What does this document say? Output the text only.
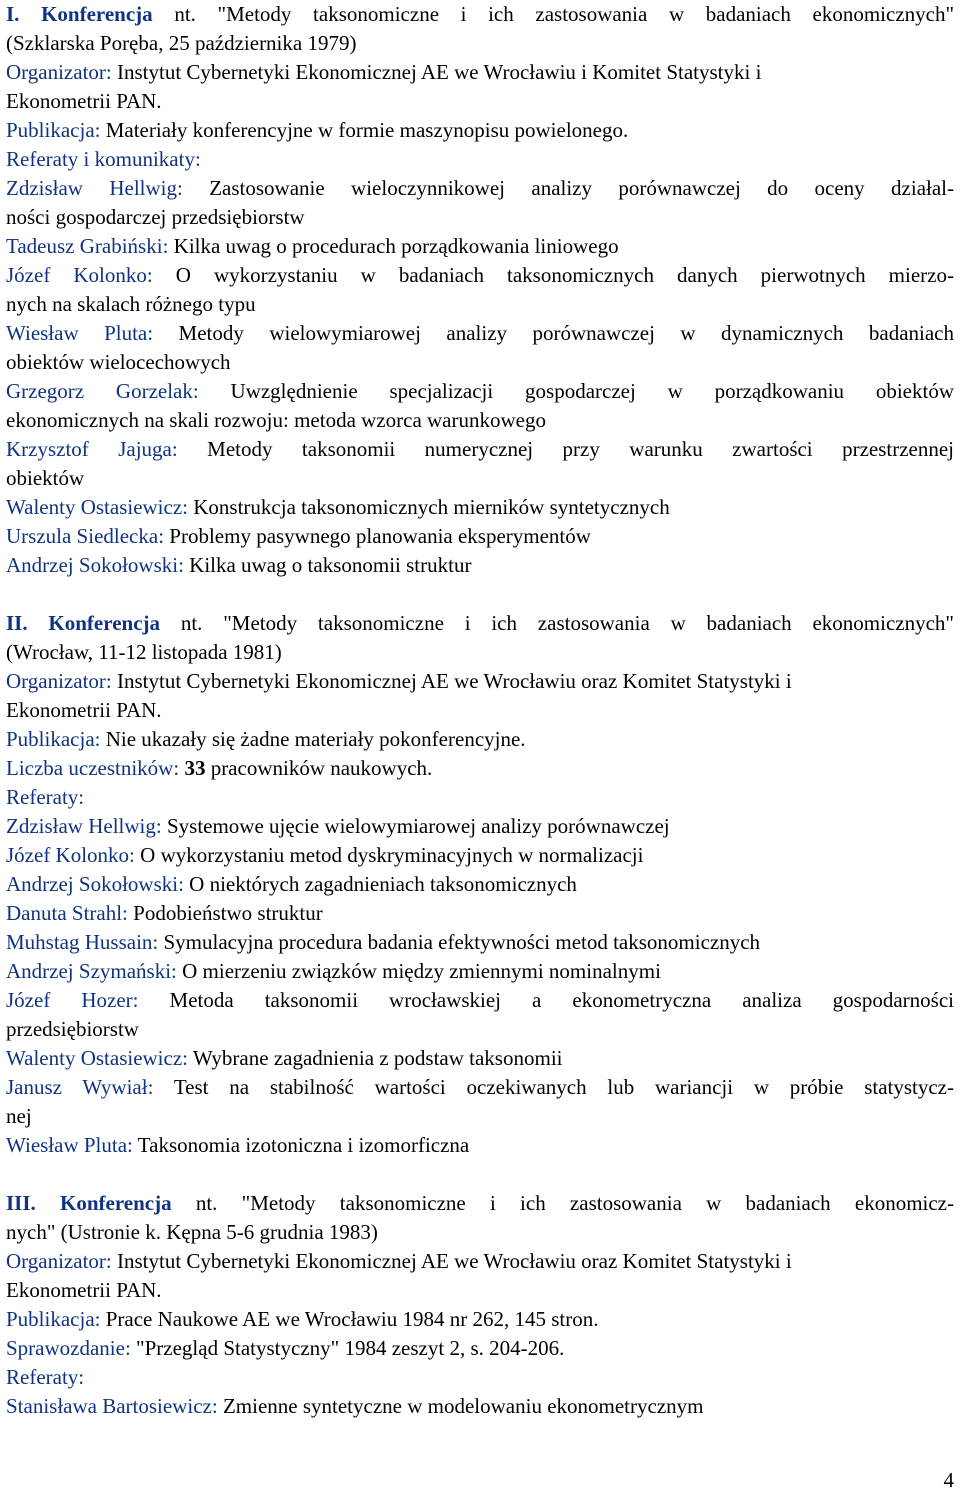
I. Konferencja nt. "Metody taksonomiczne i ich zastosowania w badaniach ekonomicznych"
(Szklarska Poręba, 25 października 1979)
Organizator: Instytut Cybernetyki Ekonomicznej AE we Wrocławiu i Komitet Statystyki i
Ekonometrii PAN.
Publikacja: Materiały konferencyjne w formie maszynopisu powielonego.
Referaty i komunikaty:
Zdzisław Hellwig: Zastosowanie wieloczynnikowej analizy porównawczej do oceny działal-
ności gospodarczej przedsiębiorstw
Tadeusz Grabiński: Kilka uwag o procedurach porządkowania liniowego
Józef Kolonko: O wykorzystaniu w badaniach taksonomicznych danych pierwotnych mierzo-
nych na skalach różnego typu
Wiesław Pluta: Metody wielowymiarowej analizy porównawczej w dynamicznych badaniach
obiektów wielocechowych
Grzegorz Gorzelak: Uwzględnienie specjalizacji gospodarczej w porządkowaniu obiektów
ekonomicznych na skali rozwoju: metoda wzorca warunkowego
Krzysztof Jajuga: Metody taksonomii numerycznej przy warunku zwartości przestrzennej
obiektów
Walenty Ostasiewicz: Konstrukcja taksonomicznych mierników syntetycznych
Urszula Siedlecka: Problemy pasywnego planowania eksperymentów
Andrzej Sokołowski: Kilka uwag o taksonomii struktur
II. Konferencja nt. "Metody taksonomiczne i ich zastosowania w badaniach ekonomicznych"
(Wrocław, 11-12 listopada 1981)
Organizator: Instytut Cybernetyki Ekonomicznej AE we Wrocławiu oraz Komitet Statystyki i
Ekonometrii PAN.
Publikacja: Nie ukazały się żadne materiały pokonferencyjne.
Liczba uczestników: 33 pracowników naukowych.
Referaty:
Zdzisław Hellwig: Systemowe ujęcie wielowymiarowej analizy porównawczej
Józef Kolonko: O wykorzystaniu metod dyskryminacyjnych w normalizacji
Andrzej Sokołowski: O niektórych zagadnieniach taksonomicznych
Danuta Strahl: Podobieństwo struktur
Muhstag Hussain: Symulacyjna procedura badania efektywności metod taksonomicznych
Andrzej Szymański: O mierzeniu związków między zmiennymi nominalnymi
Józef Hozer: Metoda taksonomii wrocławskiej a ekonometryczna analiza gospodarności
przedsiębiorstw
Walenty Ostasiewicz: Wybrane zagadnienia z podstaw taksonomii
Janusz Wywiał: Test na stabilność wartości oczekiwanych lub wariancji w próbie statystycz-
nej
Wiesław Pluta: Taksonomia izotoniczna i izomorficzna
III. Konferencja nt. "Metody taksonomiczne i ich zastosowania w badaniach ekonomicz-
nych" (Ustronie k. Kępna 5-6 grudnia 1983)
Organizator: Instytut Cybernetyki Ekonomicznej AE we Wrocławiu oraz Komitet Statystyki i
Ekonometrii PAN.
Publikacja: Prace Naukowe AE we Wrocławiu 1984 nr 262, 145 stron.
Sprawozdanie: "Przegląd Statystyczny" 1984 zeszyt 2, s. 204-206.
Referaty:
Stanisława Bartosiewicz: Zmienne syntetyczne w modelowaniu ekonometrycznym
4
